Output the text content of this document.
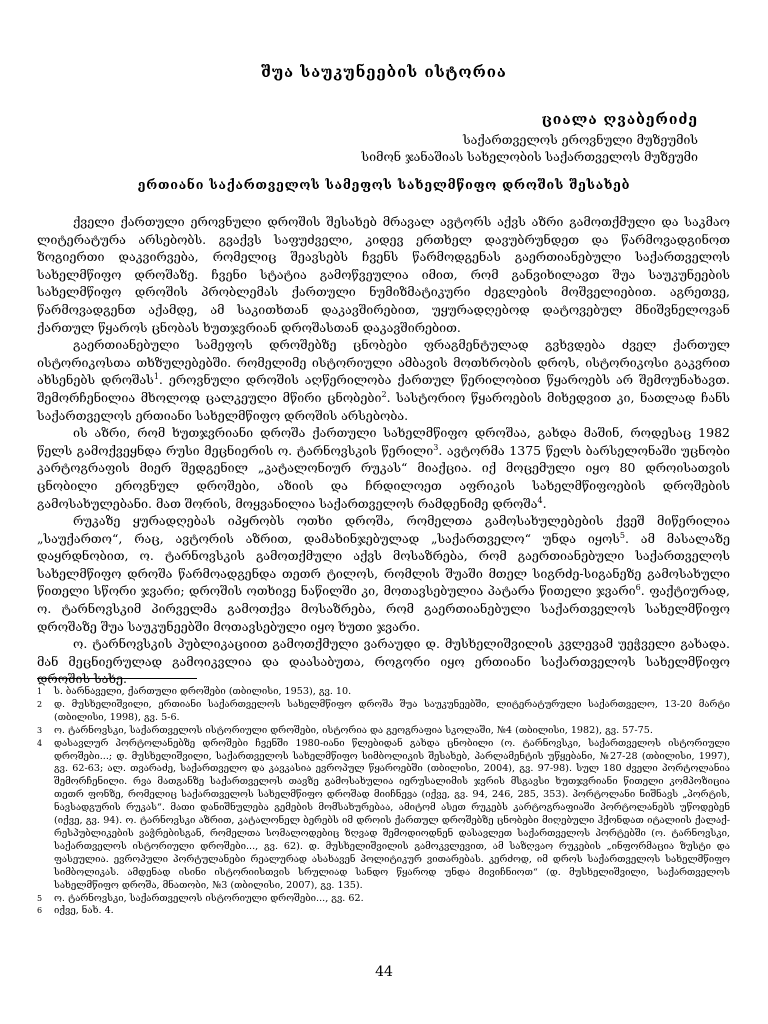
შუა საუკუნეების ისტორია
ციალა ღვაბერიძე
საქართველოს ეროვნული მუზეუმის
სიმონ ჯანაშიას სახელობის საქართველოს მუზეუმი
ერთიანი საქართველოს სამეფოს სახელმწიფო დროშის შესახებ

ქველი ქართული ეროვნული დროშის შესახებ მრავალ ავტორს აქვს აზრი გამოთქმული და საკმაო ლიტერატურა არსებობს. გვაქვს საფუძველი, კიდევ ერთხელ დავუბრუნდეთ და წარმოვადგინოთ ზოგიერთი დაკვირვება, რომელიც შეავსებს ჩვენს წარმოდგენას გაერთიანებული საქართველოს სახელმწიფო დროშაზე. ჩვენი სტატია გამოწვეულია იმით, რომ განვიხილავთ შუა საუკუნეების სახელმწიფო დროშის პრობლემას ქართული ნუმიზმატიკური ძეგლების მოშველიებით. აგრეთვე, წარმოვადგენთ აქამდე, ამ საკითხთან დაკავშირებით, უყურადღებოდ დატოვებულ მნიშვნელოვან ქართულ წყაროს ცნობას ხუთჯვრიან დროშასთან დაკავშირებით.

გაერთიანებული სამეფოს დროშებზე ცნობები ფრაგმენტულად გვხვდება ძველ ქართულ ისტორიკოსთა თხზულებებში. რომელიმე ისტორიული ამბავის მოთხრობის დროს, ისტორიკოსი გაკვრით ახსენებს დროშას$^1$. ეროვნული დროშის აღწერილობა ქართულ წერილობით წყაროებს არ შემოუნახავთ. შემორჩენილია მხოლოდ ცალკეული მწირი ცნობები$^2$. სასტორიო წყაროების მიხედვით კი, ნათლად ჩანს საქართველოს ერთიანი სახელმწიფო დროშის არსებობა.

ის აზრი, რომ ხუთჯვრიანი დროშა ქართული სახელმწიფო დროშაა, გახდა მაშინ, როდესაც 1982 წელს გამოქვეყნდა რუსი მეცნიერის ო. ტარნოვსკის წერილი$^3$. ავტორმა 1375 წელს ბარსელონაში უცნობი კარტოგრაფის მიერ შედგენილ „კატალონიურ რუკას“ მიაქცია. იქ მოცემული იყო 80 დროისათვის ცნობილი ეროვნულ დროშები, აზიის და ჩრდილოეთ აფრიკის სახელმწიფოების დროშების გამოსახულებანი. მათ შორის, მოყვანილია საქართველოს რამდენიმე დროშა$^4$.

რუკაზე ყურადღებას იპყრობს ოთხი დროშა, რომელთა გამოსახულებების ქვეშ მიწერილია „საუქართო“, რაც, ავტორის აზრით, დამახინჯებულად „საქართველო“ უნდა იყოს$^5$. ამ მასალაზე დაყრდნობით, ო. ტარნოვსკის გამოთქმული აქვს მოსაზრება, რომ გაერთიანებული საქართველოს სახელმწიფო დროშა წარმოადგენდა თეთრ ტილოს, რომლის შუაში მთელ სიგრძე-სიგანეზე გამოსახული წითელი სწორი ჯვარი; დროშის ოთხივე ნაწილში კი, მოთავსებულია პატარა წითელი ჯვარი$^6$. ფაქტიურად, ო. ტარნოვსკიმ პირველმა გამოთქვა მოსაზრება, რომ გაერთიანებული საქართველოს სახელმწიფო დროშაზე შუა საუკუნეებში მოთავსებული იყო ხუთი ჯვარი.

ო. ტარნოვსკის პუბლიკაციით გამოთქმული ვარაუდი დ. მუსხელიშვილის კვლევამ უეჭველი გახადა. მან მეცნიერულად გამოიკვლია და დაასაბუთა, როგორი იყო ერთიანი საქართველოს სახელმწიფო დროშის სახე.

1	ს. ბარნაველი, ქართული დროშები (თბილისი, 1953), გვ. 10.
2	დ. მუსხელიშვილი, ერთიანი საქართველოს სახელმწიფო დროშა შუა საუკუნეებში, ლიტერატურული საქართველო, 13-20 მარტი (თბილისი, 1998), გვ. 5-6.
3	ო. ტარნოვსკი, საქართველოს ისტორიული დროშები, ისტორია და გეოგრაფია სკოლაში, №4 (თბილისი, 1982), გვ. 57-75.
4	დასავლურ პორტოლანებზე დროშები ჩვენში 1980-იანი წლებიდან გახდა ცნობილი (ო. ტარნოვსკი, საქართველოს ისტორიული დროშები...; დ. მუსხელიშვილი, საქართველოს სახელმწიფო სიმბოლიკის შესახებ, პარლამენტის უწყებანი, №27-28 (თბილისი, 1997), გვ. 62-63; ალ. თვარაძე, საქართველო და კავკასია ევროპულ წყაროებში (თბილისი, 2004), გვ. 97-98). სულ 180 ძველი პორტოლანია შემორჩენილი. რვა მათგანზე საქართველოს თავზე გამოსახულია იერუსალიმის ჯვრის მსგავსი ხუთჯვრიანი წითელი კომპოზიცია თეთრ ფონზე, რომელიც საქართველოს სახელმწიფო დროშად მიიჩნევა (იქვე, გვ. 94, 246, 285, 353). პორტოლანი ნიშნავს „პორტის, ნავსადგურის რუკას“. მათი დანიშნულება გემების მომსახურებაა, ამიტომ ასეთ რუკებს კარტოგრაფიაში პორტოლანებს უწოდებენ (იქვე, გვ. 94). ო. ტარნოვსკი აზრით, კატალონელ ბერებს იმ დროის ქართულ დროშებზე ცნობები მიღებული ჰქონდათ იტალიის ქალაქ-რესპუბლიკების ვაჭრებისგან, რომელთა სომალოდებიც ზღვად შემოდიოდნენ დასავლეთ საქართველოს პორტებში (ო. ტარნოვსკი, საქართველოს ისტორიული დროშები..., გვ. 62). დ. მუსხელიშვილის გამოკვლევით, ამ საზღვაო რუკების „ინფორმაცია ზუსტი და ფასეულია. ევროპული პორტულანები რეალურად ასახავენ პოლიტიკურ ვითარებას. კერძოდ, იმ დროს საქართველოს სახელმწიფო სიმბოლიკას. ამდენად ისინი ისტორიისთვის სრულიად სანდო წყაროდ უნდა მივიჩნიოთ“ (დ. მუსხელიშვილი, საქართველოს სახელმწიფო დროშა, მნათობი, №3 (თბილისი, 2007), გვ. 135).
5	ო. ტარნოვსკი, საქართველოს ისტორიული დროშები..., გვ. 62.
6	იქვე, ნახ. 4.
44
